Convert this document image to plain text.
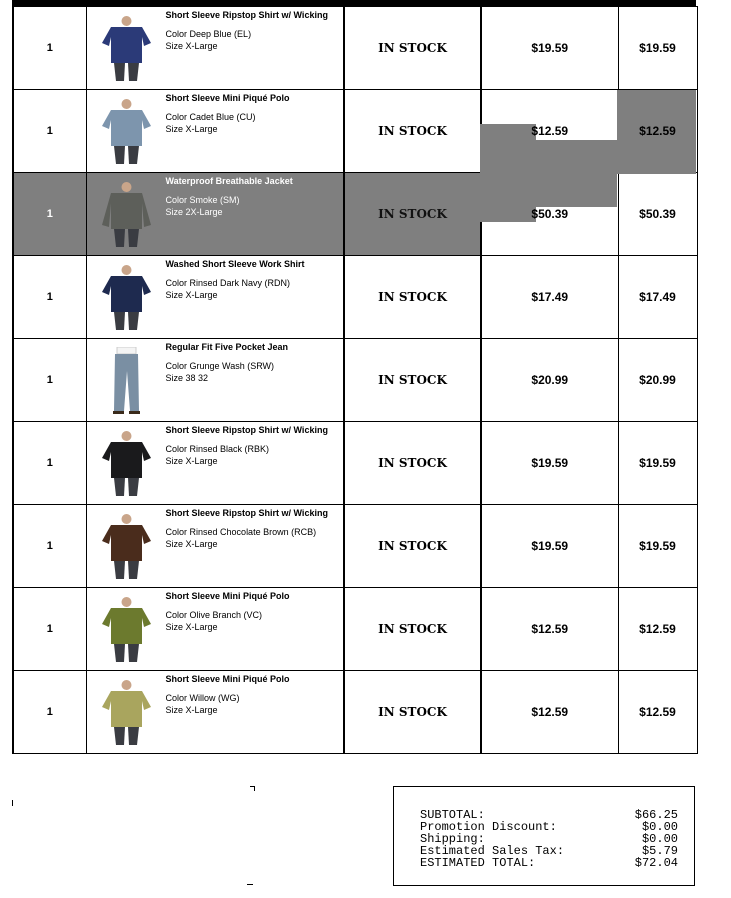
1	Short Sleeve Ripstop Shirt w/ Wicking
Color Deep Blue (EL)
Size X-Large	IN STOCK	$19.59	$19.59
1	Short Sleeve Mini Piqué Polo
Color Cadet Blue (CU)
Size X-Large	IN STOCK	$12.59	$12.59
1	Waterproof Breathable Jacket
Color Smoke (SM)
Size 2X-Large	IN STOCK	$50.39	$50.39
1	Washed Short Sleeve Work Shirt
Color Rinsed Dark Navy (RDN)
Size X-Large	IN STOCK	$17.49	$17.49
1	Regular Fit Five Pocket Jean
Color Grunge Wash (SRW)
Size 38 32	IN STOCK	$20.99	$20.99
1	Short Sleeve Ripstop Shirt w/ Wicking
Color Rinsed Black (RBK)
Size X-Large	IN STOCK	$19.59	$19.59
1	Short Sleeve Ripstop Shirt w/ Wicking
Color Rinsed Chocolate Brown (RCB)
Size X-Large	IN STOCK	$19.59	$19.59
1	Short Sleeve Mini Piqué Polo
Color Olive Branch (VC)
Size X-Large	IN STOCK	$12.59	$12.59
1	Short Sleeve Mini Piqué Polo
Color Willow (WG)
Size X-Large	IN STOCK	$12.59	$12.59
SUBTOTAL:	$66.25
Promotion Discount:	$0.00
Shipping:	$0.00
Estimated Sales Tax:	$5.79
ESTIMATED TOTAL:	$72.04
